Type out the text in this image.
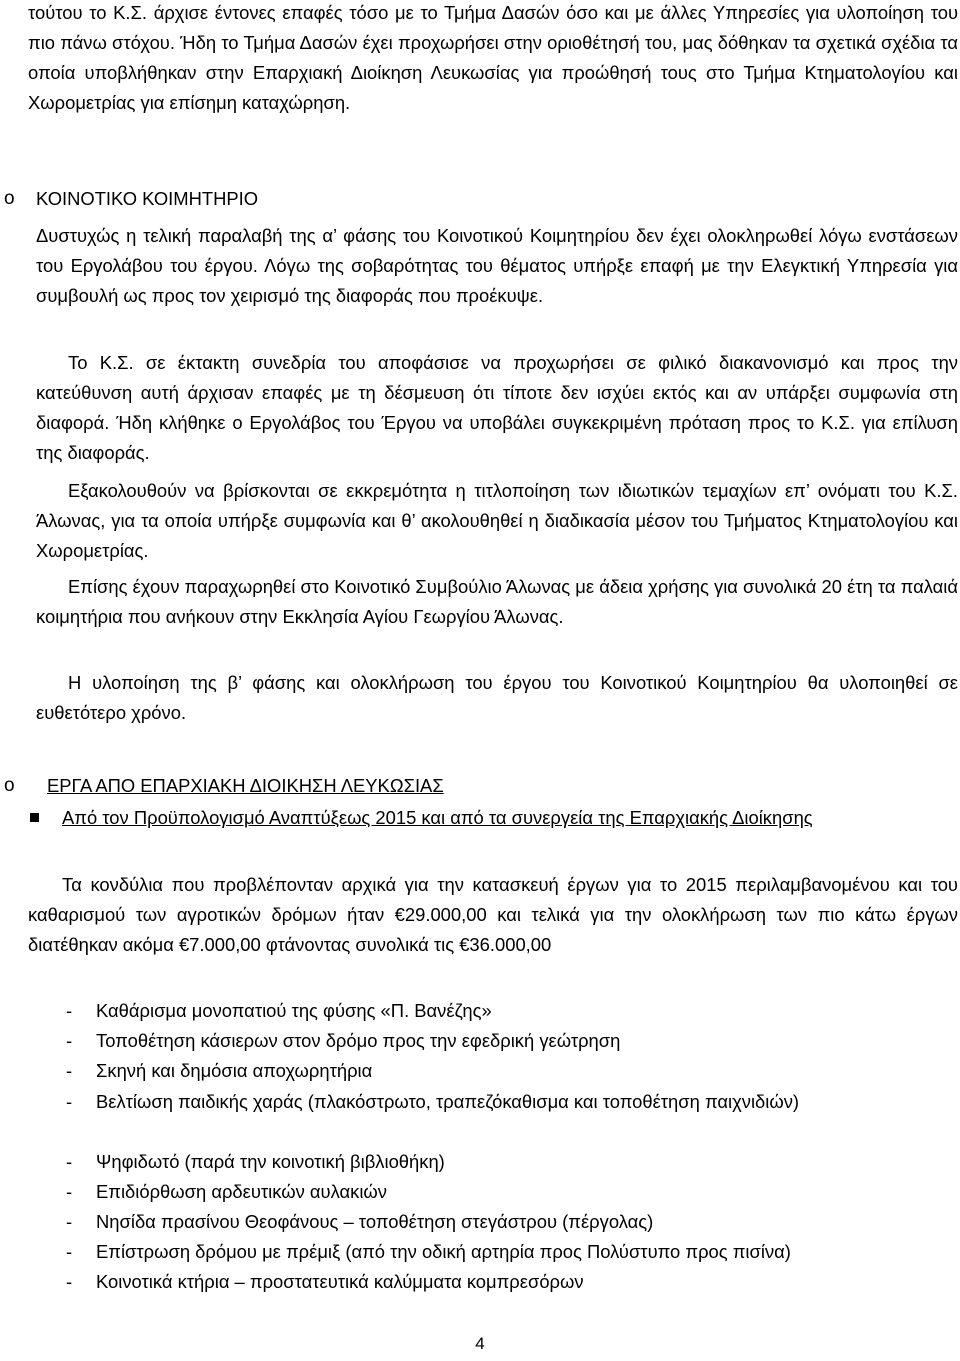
τούτου το Κ.Σ. άρχισε έντονες επαφές τόσο με το Τμήμα Δασών όσο και με άλλες Υπηρεσίες για υλοποίηση του πιο πάνω στόχου. Ήδη το Τμήμα Δασών έχει προχωρήσει στην οριοθέτησή του, μας δόθηκαν τα σχετικά σχέδια τα οποία υποβλήθηκαν στην Επαρχιακή Διοίκηση Λευκωσίας για προώθησή τους στο Τμήμα Κτηματολογίου και Χωρομετρίας για επίσημη καταχώρηση.

o ΚΟΙΝΟΤΙΚΟ ΚΟΙΜΗΤΗΡΙΟ

Δυστυχώς η τελική παραλαβή της α’ φάσης του Κοινοτικού Κοιμητηρίου δεν έχει ολοκληρωθεί λόγω ενστάσεων του Εργολάβου του έργου. Λόγω της σοβαρότητας του θέματος υπήρξε επαφή με την Ελεγκτική Υπηρεσία για συμβουλή ως προς τον χειρισμό της διαφοράς που προέκυψε.

Το Κ.Σ. σε έκτακτη συνεδρία του αποφάσισε να προχωρήσει σε φιλικό διακανονισμό και προς την κατεύθυνση αυτή άρχισαν επαφές με τη δέσμευση ότι τίποτε δεν ισχύει εκτός και αν υπάρξει συμφωνία στη διαφορά. Ήδη κλήθηκε ο Εργολάβος του Έργου να υποβάλει συγκεκριμένη πρόταση προς το Κ.Σ. για επίλυση της διαφοράς.

Εξακολουθούν να βρίσκονται σε εκκρεμότητα η τιτλοποίηση των ιδιωτικών τεμαχίων επ’ ονόματι του Κ.Σ. Άλωνας, για τα οποία υπήρξε συμφωνία και θ’ ακολουθηθεί η διαδικασία μέσον του Τμήματος Κτηματολογίου και Χωρομετρίας.

Επίσης έχουν παραχωρηθεί στο Κοινοτικό Συμβούλιο Άλωνας με άδεια χρήσης για συνολικά 20 έτη τα παλαιά κοιμητήρια που ανήκουν στην Εκκλησία Αγίου Γεωργίου Άλωνας.

Η υλοποίηση της β’ φάσης και ολοκλήρωση του έργου του Κοινοτικού Κοιμητηρίου θα υλοποιηθεί σε ευθετότερο χρόνο.

o ΕΡΓΑ ΑΠΟ ΕΠΑΡΧΙΑΚΗ ΔΙΟΙΚΗΣΗ ΛΕΥΚΩΣΙΑΣ

Από τον Προϋπολογισμό Αναπτύξεως 2015 και από τα συνεργεία της Επαρχιακής Διοίκησης

Τα κονδύλια που προβλέπονταν αρχικά για την κατασκευή έργων για το 2015 περιλαμβανομένου και του καθαρισμού των αγροτικών δρόμων ήταν €29.000,00 και τελικά για την ολοκλήρωση των πιο κάτω έργων διατέθηκαν ακόμα €7.000,00 φτάνοντας συνολικά τις €36.000,00

- Καθάρισμα μονοπατιού της φύσης «Π. Βανέζης»
- Τοποθέτηση κάσιερων στον δρόμο προς την εφεδρική γεώτρηση
- Σκηνή και δημόσια αποχωρητήρια
- Βελτίωση παιδικής χαράς (πλακόστρωτο, τραπεζόκαθισμα και τοποθέτηση παιχνιδιών)
- Ψηφιδωτό (παρά την κοινοτική βιβλιοθήκη)
- Επιδιόρθωση αρδευτικών αυλακιών
- Νησίδα πρασίνου Θεοφάνους – τοποθέτηση στεγάστρου (πέργολας)
- Επίστρωση δρόμου με πρέμιξ (από την οδική αρτηρία προς Πολύστυπο προς πισίνα)
- Κοινοτικά κτήρια – προστατευτικά καλύμματα κομπρεσόρων
4
